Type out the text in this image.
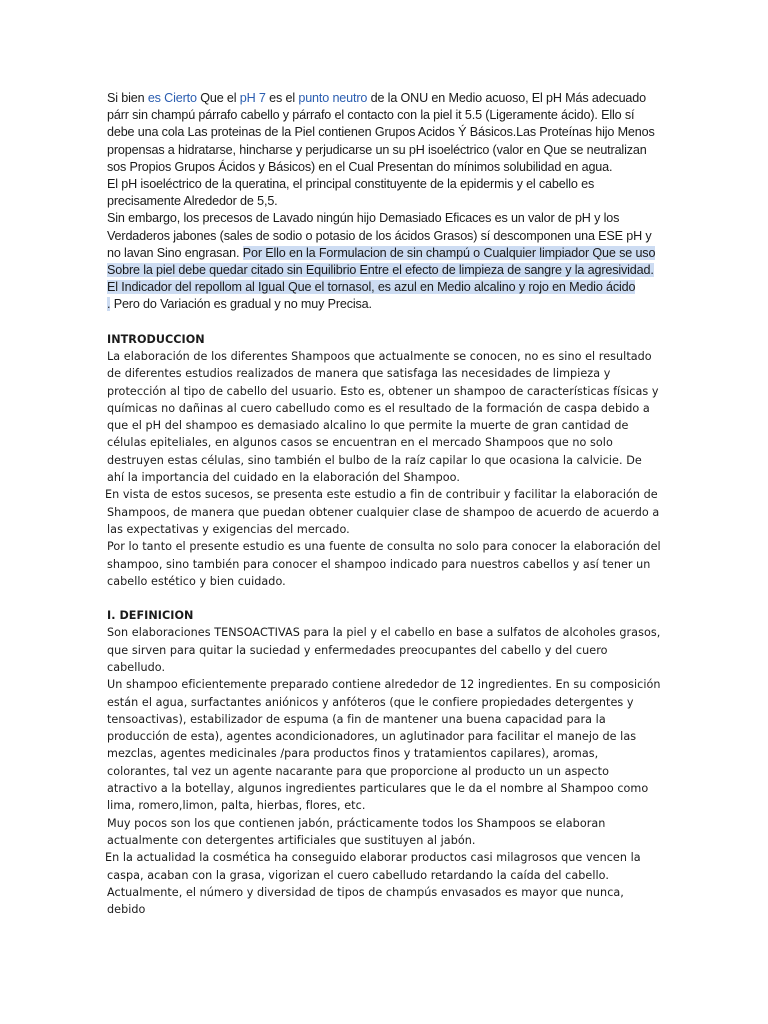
Si bien es Cierto Que el pH 7 es el punto neutro de la ONU en Medio acuoso, El pH Más adecuado párr sin champú párrafo cabello y párrafo el contacto con la piel it 5.5 (Ligeramente ácido). Ello sí debe una cola Las proteinas de la Piel contienen Grupos Acidos Ý Básicos.Las Proteínas hijo Menos propensas a hidratarse, hincharse y perjudicarse un su pH isoeléctrico (valor en Que se neutralizan sos Propios Grupos Ácidos y Básicos) en el Cual Presentan do mínimos solubilidad en agua.

El pH isoeléctrico de la queratina, el principal constituyente de la epidermis y el cabello es precisamente Alrededor de 5,5.

Sin embargo, los precesos de Lavado ningún hijo Demasiado Eficaces es un valor de pH y los Verdaderos jabones (sales de sodio o potasio de los ácidos Grasos) sí descomponen una ESE pH y no lavan Sino engrasan. Por Ello en la Formulacion de sin champú o Cualquier limpiador Que se uso Sobre la piel debe quedar citado sin Equilibrio Entre el efecto de limpieza de sangre y la agresividad.

El Indicador del repollom al Igual Que el tornasol, es azul en Medio alcalino y rojo en Medio ácido
. Pero do Variación es gradual y no muy Precisa.

INTRODUCCION

La elaboración de los diferentes Shampoos que actualmente se conocen, no es sino el resultado de diferentes estudios realizados de manera que satisfaga las necesidades de limpieza y protección al tipo de cabello del usuario. Esto es, obtener un shampoo de características físicas y químicas no dañinas al cuero cabelludo como es el resultado de la formación de caspa debido a que el pH del shampoo es demasiado alcalino lo que permite la muerte de gran cantidad de células epiteliales, en algunos casos se encuentran en el mercado Shampoos que no solo destruyen estas células, sino también el bulbo de la raíz capilar lo que ocasiona la calvicie. De ahí la importancia del cuidado en la elaboración del Shampoo.

En vista de estos sucesos, se presenta este estudio a fin de contribuir y facilitar la elaboración de Shampoos, de manera que puedan obtener cualquier clase de shampoo de acuerdo de acuerdo a las expectativas y exigencias del mercado.

Por lo tanto el presente estudio es una fuente de consulta no solo para conocer la elaboración del shampoo, sino también para conocer el shampoo indicado para nuestros cabellos y así tener un cabello estético y bien cuidado.

I. DEFINICION

Son elaboraciones TENSOACTIVAS para la piel y el cabello en base a sulfatos de alcoholes grasos, que sirven para quitar la suciedad y enfermedades preocupantes del cabello y del cuero cabelludo.

Un shampoo eficientemente preparado contiene alrededor de 12 ingredientes. En su composición están el agua, surfactantes aniónicos y anfóteros (que le confiere propiedades detergentes y tensoactivas), estabilizador de espuma (a fin de mantener una buena capacidad para la producción de esta), agentes acondicionadores, un aglutinador para facilitar el manejo de las mezclas, agentes medicinales /para productos finos y tratamientos capilares), aromas, colorantes, tal vez un agente nacarante para que proporcione al producto un un aspecto atractivo a la botellay, algunos ingredientes particulares que le da el nombre al Shampoo como lima, romero,limon, palta, hierbas, flores, etc.

Muy pocos son los que contienen jabón, prácticamente todos los Shampoos se elaboran actualmente con detergentes artificiales que sustituyen al jabón.

En la actualidad la cosmética ha conseguido elaborar productos casi milagrosos que vencen la caspa, acaban con la grasa, vigorizan el cuero cabelludo retardando la caída del cabello.

Actualmente, el número y diversidad de tipos de champús envasados es mayor que nunca, debido
